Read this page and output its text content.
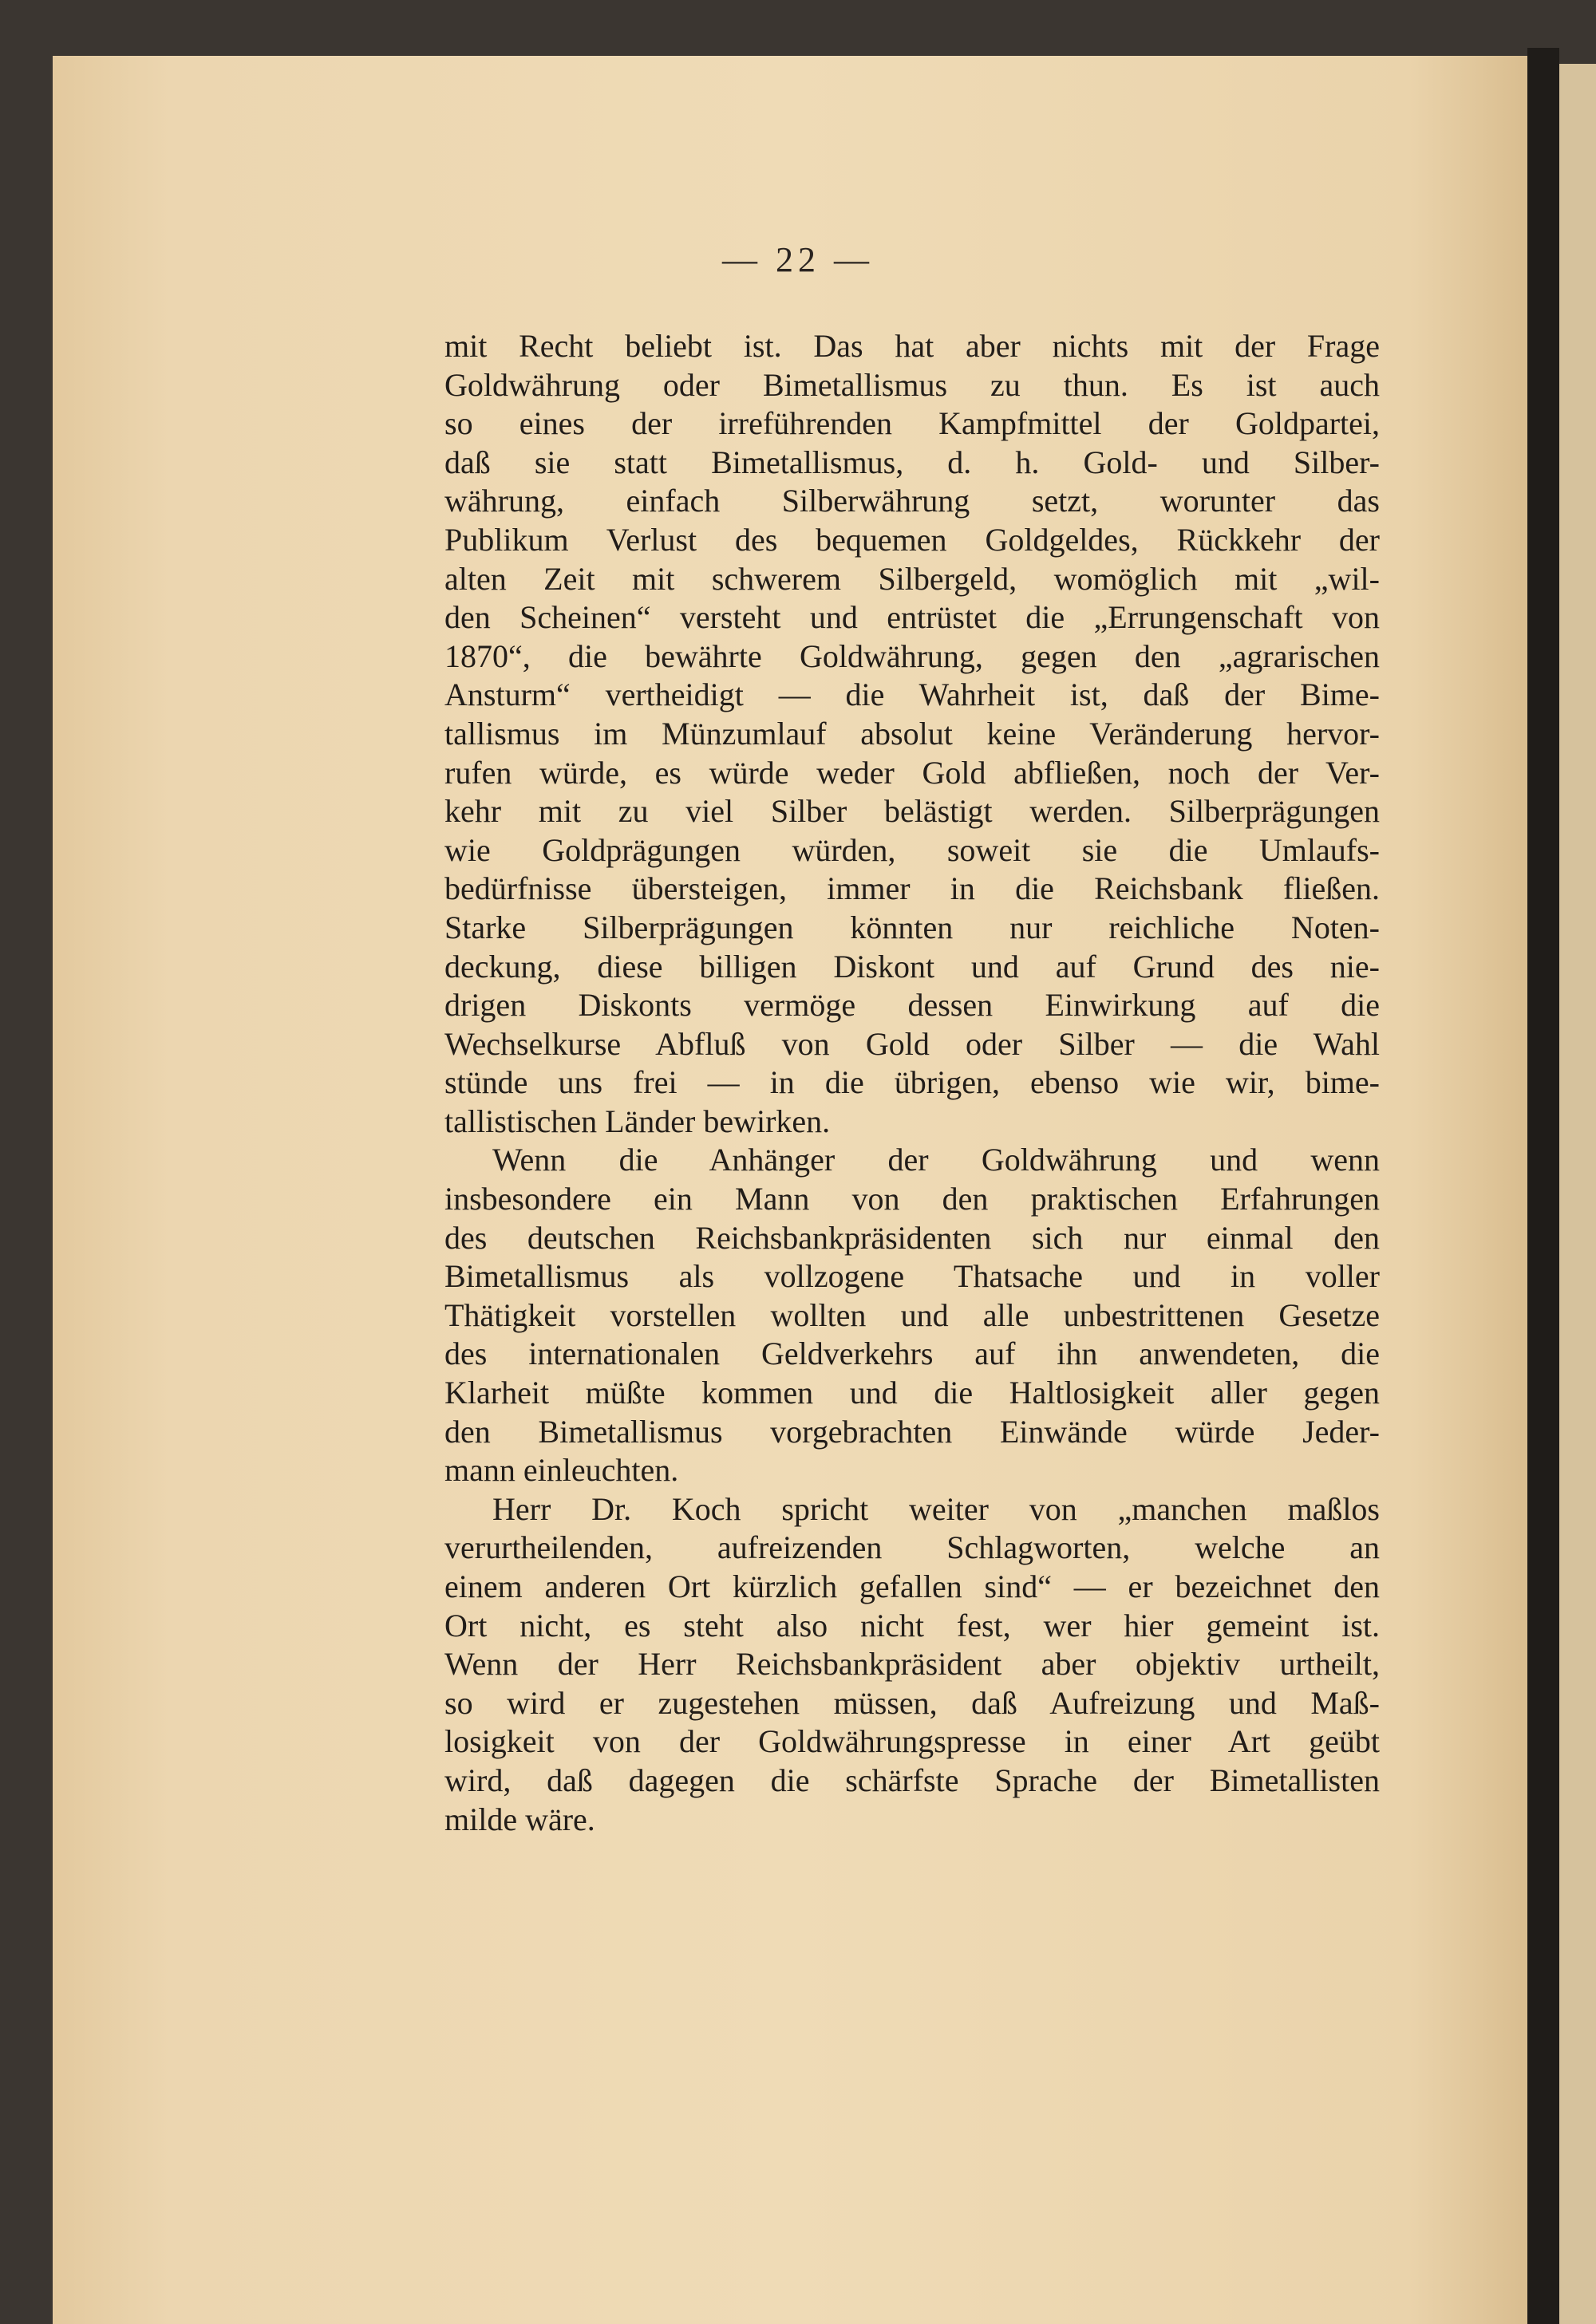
— 22 —
mit Recht beliebt ist. Das hat aber nichts mit der Frage
Goldwährung oder Bimetallismus zu thun. Es ist auch
so eines der irreführenden Kampfmittel der Goldpartei,
daß sie statt Bimetallismus, d. h. Gold- und Silber-
währung, einfach Silberwährung setzt, worunter das
Publikum Verlust des bequemen Goldgeldes, Rückkehr der
alten Zeit mit schwerem Silbergeld, womöglich mit „wil-
den Scheinen“ versteht und entrüstet die „Errungenschaft von
1870“, die bewährte Goldwährung, gegen den „agrarischen
Ansturm“ vertheidigt — die Wahrheit ist, daß der Bime-
tallismus im Münzumlauf absolut keine Veränderung hervor-
rufen würde, es würde weder Gold abfließen, noch der Ver-
kehr mit zu viel Silber belästigt werden. Silberprägungen
wie Goldprägungen würden, soweit sie die Umlaufs-
bedürfnisse übersteigen, immer in die Reichsbank fließen.
Starke Silberprägungen könnten nur reichliche Noten-
deckung, diese billigen Diskont und auf Grund des nie-
drigen Diskonts vermöge dessen Einwirkung auf die
Wechselkurse Abfluß von Gold oder Silber — die Wahl
stünde uns frei — in die übrigen, ebenso wie wir, bime-
tallistischen Länder bewirken.
Wenn die Anhänger der Goldwährung und wenn
insbesondere ein Mann von den praktischen Erfahrungen
des deutschen Reichsbankpräsidenten sich nur einmal den
Bimetallismus als vollzogene Thatsache und in voller
Thätigkeit vorstellen wollten und alle unbestrittenen Gesetze
des internationalen Geldverkehrs auf ihn anwendeten, die
Klarheit müßte kommen und die Haltlosigkeit aller gegen
den Bimetallismus vorgebrachten Einwände würde Jeder-
mann einleuchten.
Herr Dr. Koch spricht weiter von „manchen maßlos
verurtheilenden, aufreizenden Schlagworten, welche an
einem anderen Ort kürzlich gefallen sind“ — er bezeichnet den
Ort nicht, es steht also nicht fest, wer hier gemeint ist.
Wenn der Herr Reichsbankpräsident aber objektiv urtheilt,
so wird er zugestehen müssen, daß Aufreizung und Maß-
losigkeit von der Goldwährungspresse in einer Art geübt
wird, daß dagegen die schärfste Sprache der Bimetallisten
milde wäre.
